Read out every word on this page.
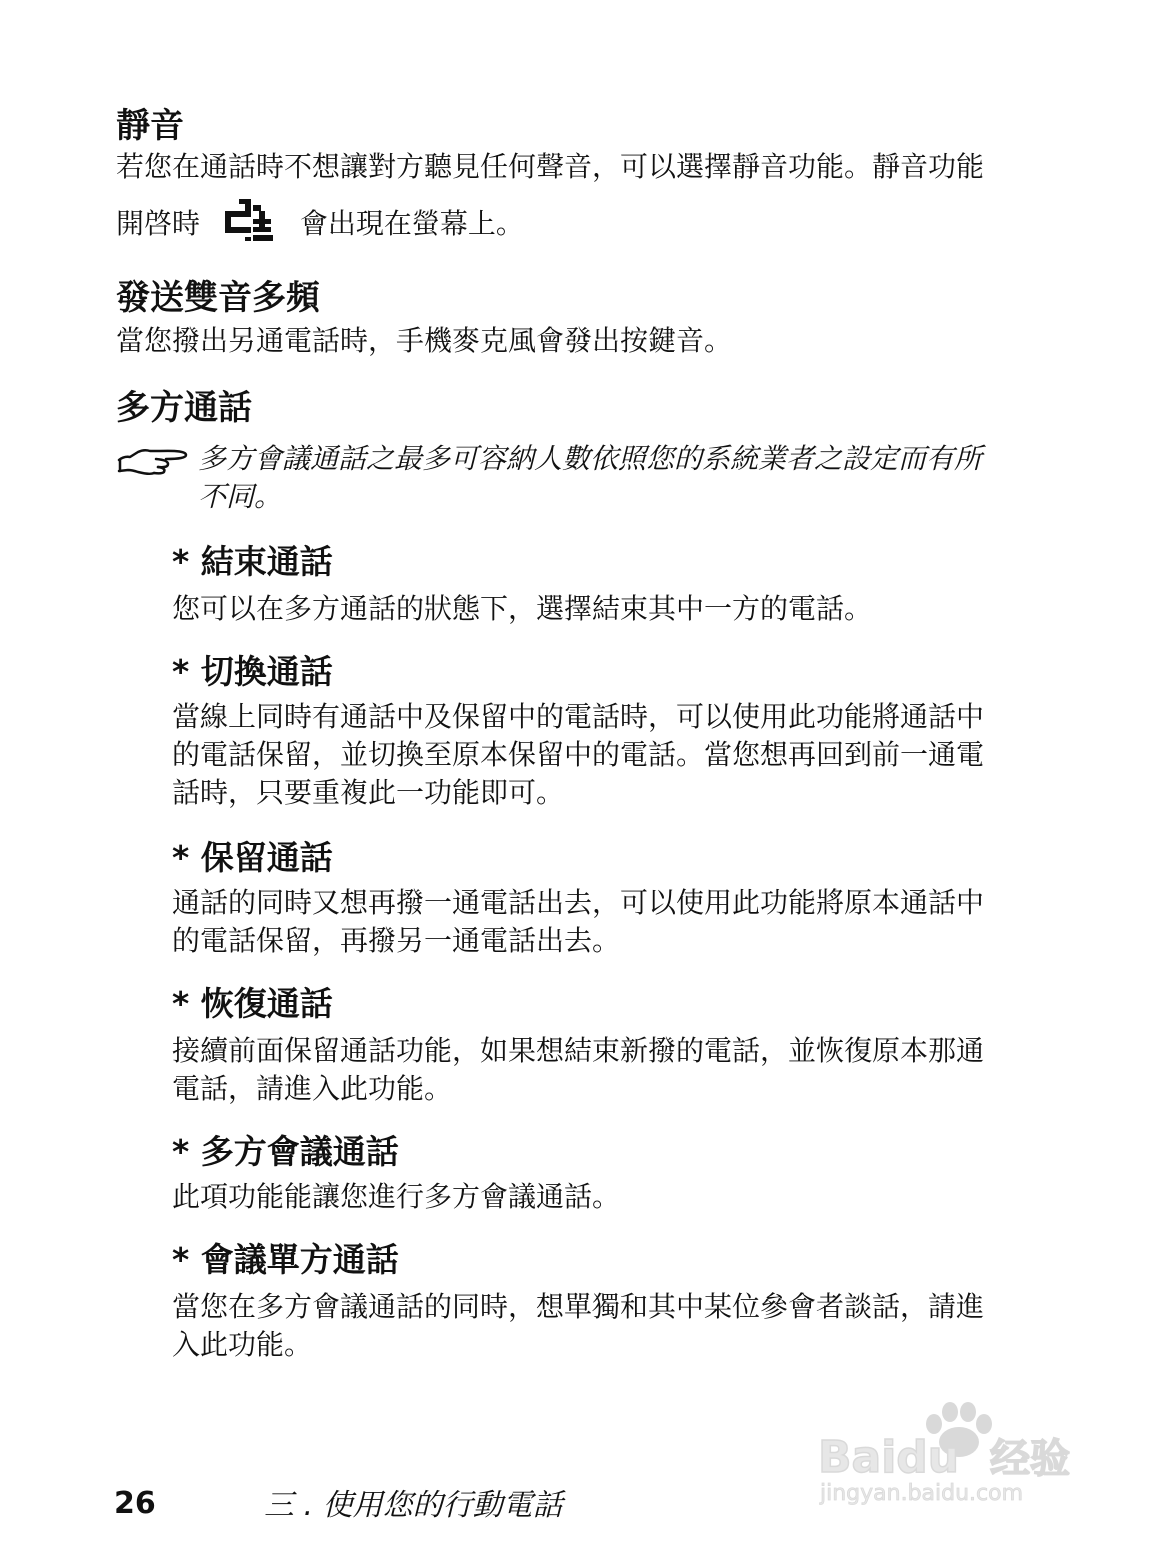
靜音
若您在通話時不想讓對方聽見任何聲音，可以選擇靜音功能。靜音功能
開啓時	會出現在螢幕上。
發送雙音多頻
當您撥出另通電話時，手機麥克風會發出按鍵音。
多方通話
多方會議通話之最多可容納人數依照您的系統業者之設定而有所
不同。
* 結束通話
您可以在多方通話的狀態下，選擇結束其中一方的電話。
* 切換通話
當線上同時有通話中及保留中的電話時，可以使用此功能將通話中
的電話保留，並切換至原本保留中的電話。當您想再回到前一通電
話時，只要重複此一功能即可。
* 保留通話
通話的同時又想再撥一通電話出去，可以使用此功能將原本通話中
的電話保留，再撥另一通電話出去。
* 恢復通話
接續前面保留通話功能，如果想結束新撥的電話，並恢復原本那通
電話，請進入此功能。
* 多方會議通話
此項功能能讓您進行多方會議通話。
* 會議單方通話
當您在多方會議通話的同時，想單獨和其中某位參會者談話，請進
入此功能。
26	三 . 使用您的行動電話
Baidu 经验
jingyan.baidu.com
